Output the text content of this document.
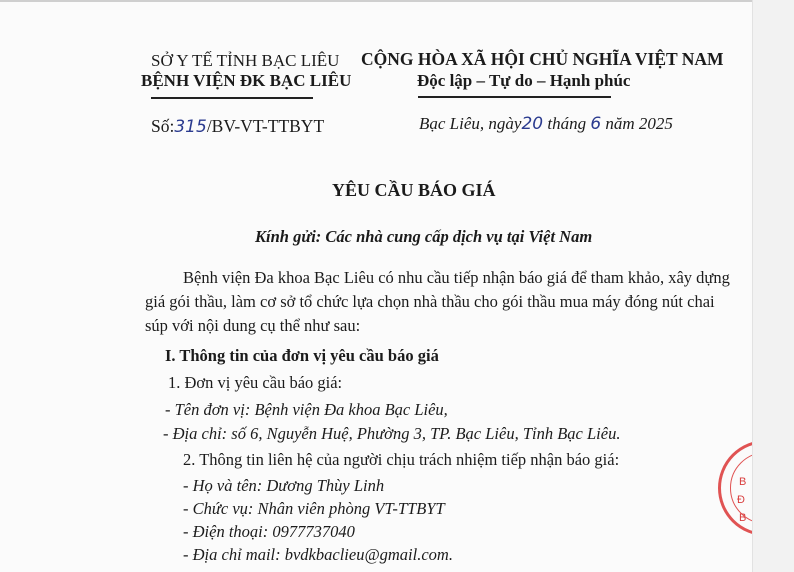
SỞ Y TẾ TỈNH BẠC LIÊU
BỆNH VIỆN ĐK BẠC LIÊU
CỘNG HÒA XÃ HỘI CHỦ NGHĨA VIỆT NAM
Độc lập – Tự do – Hạnh phúc
Số:315/BV-VT-TTBYT	Bạc Liêu, ngày20 tháng 6 năm 2025
YÊU CẦU BÁO GIÁ
Kính gửi: Các nhà cung cấp dịch vụ tại Việt Nam
Bệnh viện Đa khoa Bạc Liêu có nhu cầu tiếp nhận báo giá để tham khảo, xây dựng
giá gói thầu, làm cơ sở tổ chức lựa chọn nhà thầu cho gói thầu mua máy đóng nút chai
súp với nội dung cụ thể như sau:
I. Thông tin của đơn vị yêu cầu báo giá
1. Đơn vị yêu cầu báo giá:
- Tên đơn vị: Bệnh viện Đa khoa Bạc Liêu,
- Địa chỉ: số 6, Nguyễn Huệ, Phường 3, TP. Bạc Liêu, Tỉnh Bạc Liêu.
2. Thông tin liên hệ của người chịu trách nhiệm tiếp nhận báo giá:
- Họ và tên: Dương Thùy Linh
- Chức vụ: Nhân viên phòng VT-TTBYT
- Điện thoại: 0977737040
- Địa chỉ mail: bvdkbaclieu@gmail.com.
B
Đ
B
